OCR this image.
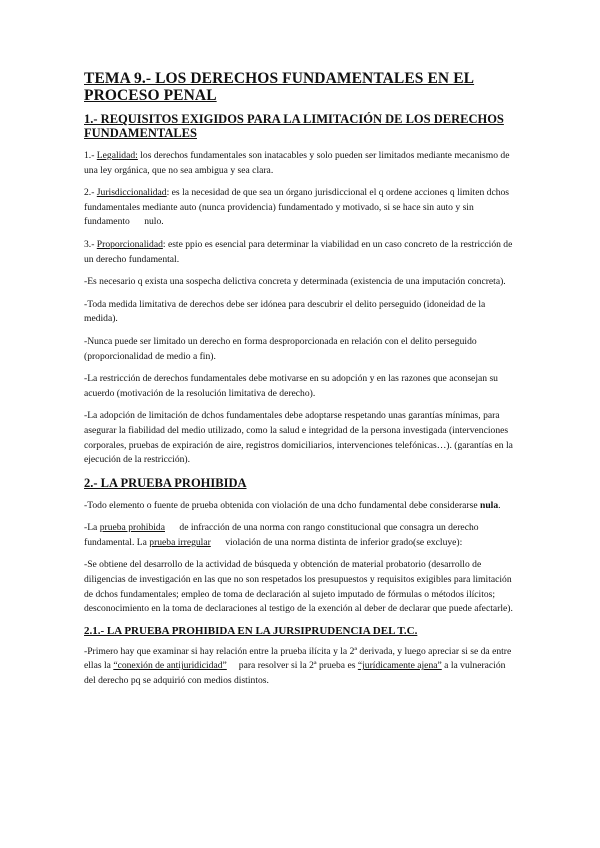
TEMA 9.- LOS DERECHOS FUNDAMENTALES EN EL PROCESO PENAL
1.- REQUISITOS EXIGIDOS PARA LA LIMITACIÓN DE LOS DERECHOS FUNDAMENTALES

1.- Legalidad: los derechos fundamentales son inatacables y solo pueden ser limitados mediante mecanismo de una ley orgánica, que no sea ambigua y sea clara.

2.- Jurisdiccionalidad: es la necesidad de que sea un órgano jurisdiccional el q ordene acciones q limiten dchos fundamentales mediante auto (nunca providencia) fundamentado y motivado, si se hace sin auto y sin fundamento      nulo.

3.- Proporcionalidad: este ppio es esencial para determinar la viabilidad en un caso concreto de la restricción de un derecho fundamental.

-Es necesario q exista una sospecha delictiva concreta y determinada (existencia de una imputación concreta).

-Toda medida limitativa de derechos debe ser idónea para descubrir el delito perseguido (idoneidad de la medida).

-Nunca puede ser limitado un derecho en forma desproporcionada en relación con el delito perseguido (proporcionalidad de medio a fin).

-La restricción de derechos fundamentales debe motivarse en su adopción y en las razones que aconsejan su acuerdo (motivación de la resolución limitativa de derecho).

-La adopción de limitación de dchos fundamentales debe adoptarse respetando unas garantías mínimas, para asegurar la fiabilidad del medio utilizado, como la salud e integridad de la persona investigada (intervenciones corporales, pruebas de expiración de aire, registros domiciliarios, intervenciones telefónicas…). (garantías en la ejecución de la restricción).

2.- LA PRUEBA PROHIBIDA

-Todo elemento o fuente de prueba obtenida con violación de una dcho fundamental debe considerarse nula.

-La prueba prohibida      de infracción de una norma con rango constitucional que consagra un derecho fundamental. La prueba irregular      violación de una norma distinta de inferior grado(se excluye):

-Se obtiene del desarrollo de la actividad de búsqueda y obtención de material probatorio (desarrollo de diligencias de investigación en las que no son respetados los presupuestos y requisitos exigibles para limitación de dchos fundamentales; empleo de toma de declaración al sujeto imputado de fórmulas o métodos ilícitos; desconocimiento en la toma de declaraciones al testigo de la exención al deber de declarar que puede afectarle).

2.1.- LA PRUEBA PROHIBIDA EN LA JURSIPRUDENCIA DEL T.C.

-Primero hay que examinar si hay relación entre la prueba ilícita y la 2ª derivada, y luego apreciar si se da entre ellas la “conexión de antijuridicidad”     para resolver si la 2ª prueba es “jurídicamente ajena” a la vulneración del derecho pq se adquirió con medios distintos.
